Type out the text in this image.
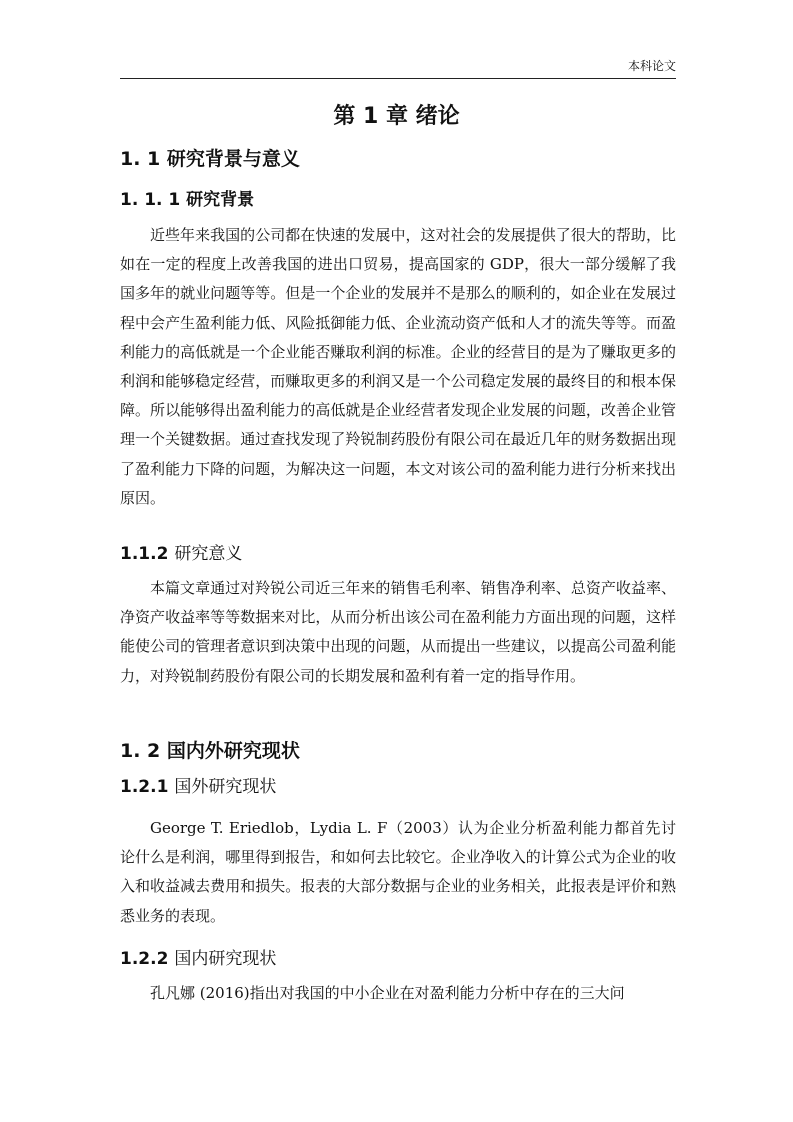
本科论文
第 1 章 绪论
1. 1 研究背景与意义
1. 1. 1 研究背景

近些年来我国的公司都在快速的发展中，这对社会的发展提供了很大的帮助，比如在一定的程度上改善我国的进出口贸易，提高国家的 GDP，很大一部分缓解了我国多年的就业问题等等。但是一个企业的发展并不是那么的顺利的，如企业在发展过程中会产生盈利能力低、风险抵御能力低、企业流动资产低和人才的流失等等。而盈利能力的高低就是一个企业能否赚取利润的标准。企业的经营目的是为了赚取更多的利润和能够稳定经营，而赚取更多的利润又是一个公司稳定发展的最终目的和根本保障。所以能够得出盈利能力的高低就是企业经营者发现企业发展的问题，改善企业管理一个关键数据。通过查找发现了羚锐制药股份有限公司在最近几年的财务数据出现了盈利能力下降的问题，为解决这一问题，本文对该公司的盈利能力进行分析来找出原因。

1.1.2 研究意义

本篇文章通过对羚锐公司近三年来的销售毛利率、销售净利率、总资产收益率、净资产收益率等等数据来对比，从而分析出该公司在盈利能力方面出现的问题，这样能使公司的管理者意识到决策中出现的问题，从而提出一些建议，以提高公司盈利能力，对羚锐制药股份有限公司的长期发展和盈利有着一定的指导作用。

1. 2 国内外研究现状
1.2.1 国外研究现状

George T. Eriedlob，Lydia L. F（2003）认为企业分析盈利能力都首先讨论什么是利润，哪里得到报告，和如何去比较它。企业净收入的计算公式为企业的收入和收益减去费用和损失。报表的大部分数据与企业的业务相关，此报表是评价和熟悉业务的表现。

1.2.2 国内研究现状

孔凡娜 (2016)指出对我国的中小企业在对盈利能力分析中存在的三大问
